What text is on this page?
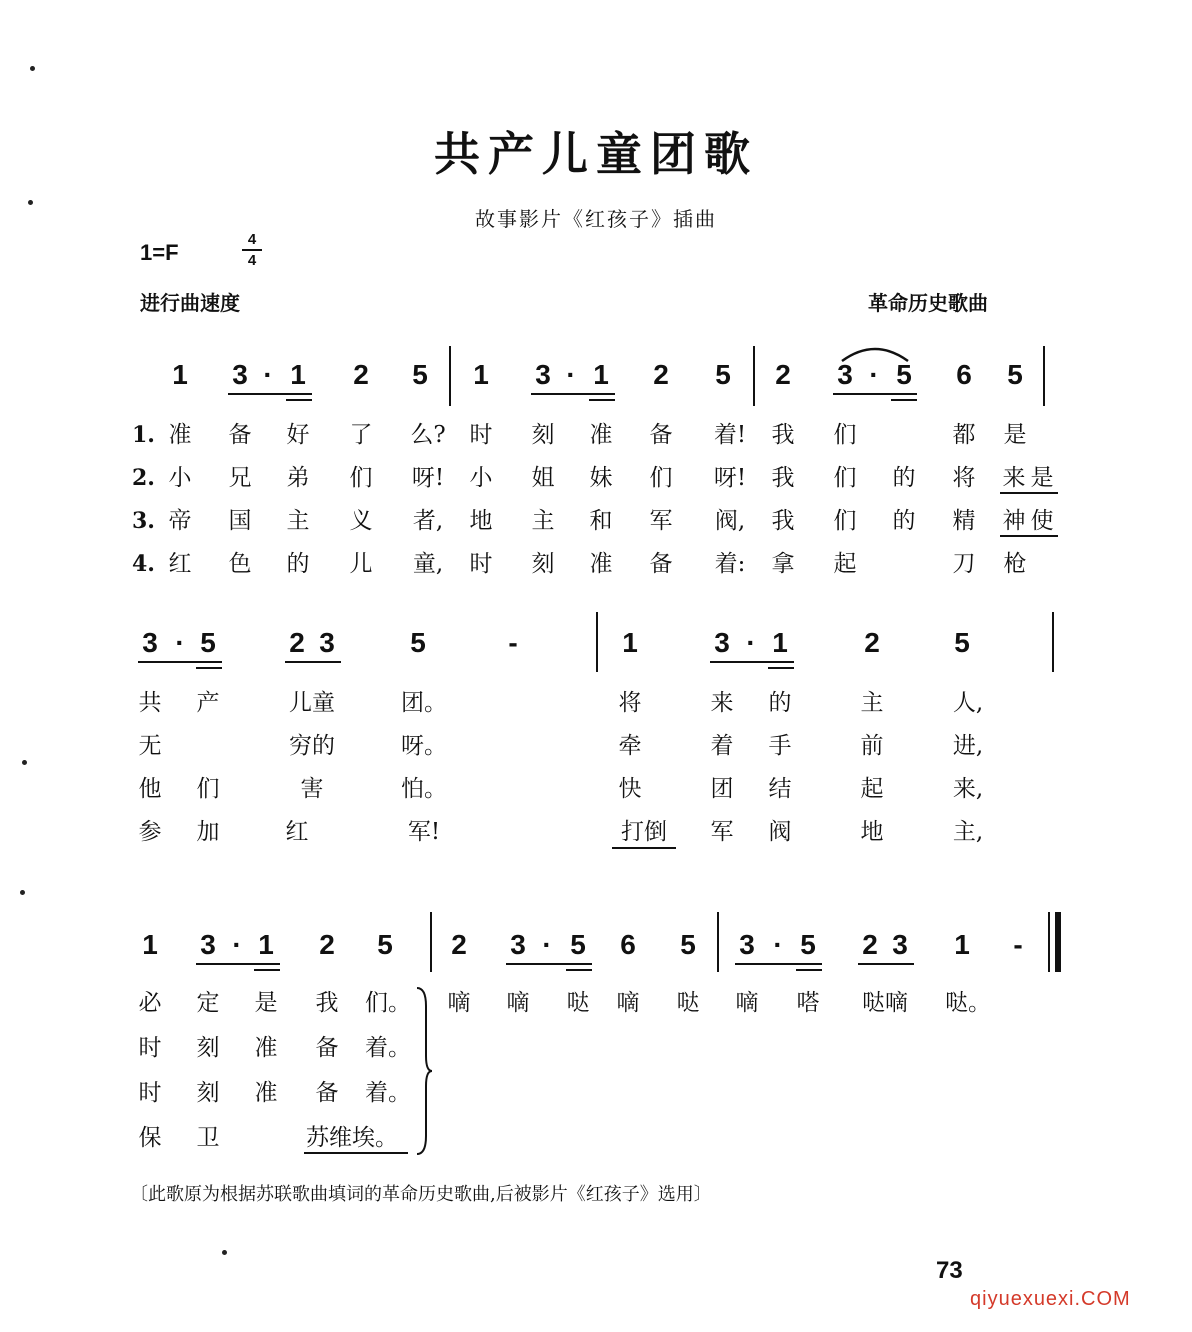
共产儿童团歌
故事影片《红孩子》插曲
1=F
4
4
进行曲速度	革命历史歌曲
1 3 · 1 2 5 1 3 · 1 2 5 2 3 · 5 6 5
1.
2.
3.
4.
准 备 好 了 么? 时 刻 准 备 着! 我 们	都 是
小 兄 弟 们 呀! 小 姐 妹 们 呀! 我 们 的 将 来 是
帝 国 主 义 者, 地 主 和 军 阀, 我 们 的 精 神 使
红 色 的 儿 童, 时 刻 准 备 着: 拿 起	刀 枪
3 · 5	2 3	5	-	1	3 · 1	2	5
共 产	儿童	团。	将	来 的	主	人,
无	穷的	呀。	牵	着 手	前	进,
他 们	害	怕。	快	团 结	起	来,
参 加	红	军!	打倒 军 阀	地	主,
1 3 · 1 2 5 2 3 · 5 6 5 3 · 5 2 3 1 -
必 定 是 我 们。
时 刻 准 备 着。
时 刻 准 备 着。
保 卫	苏维埃。
嘀 嘀 哒 嘀 哒 嘀 嗒 哒嘀 哒。
〔此歌原为根据苏联歌曲填词的革命历史歌曲,后被影片《红孩子》选用〕
73
qiyuexuexi.COM
